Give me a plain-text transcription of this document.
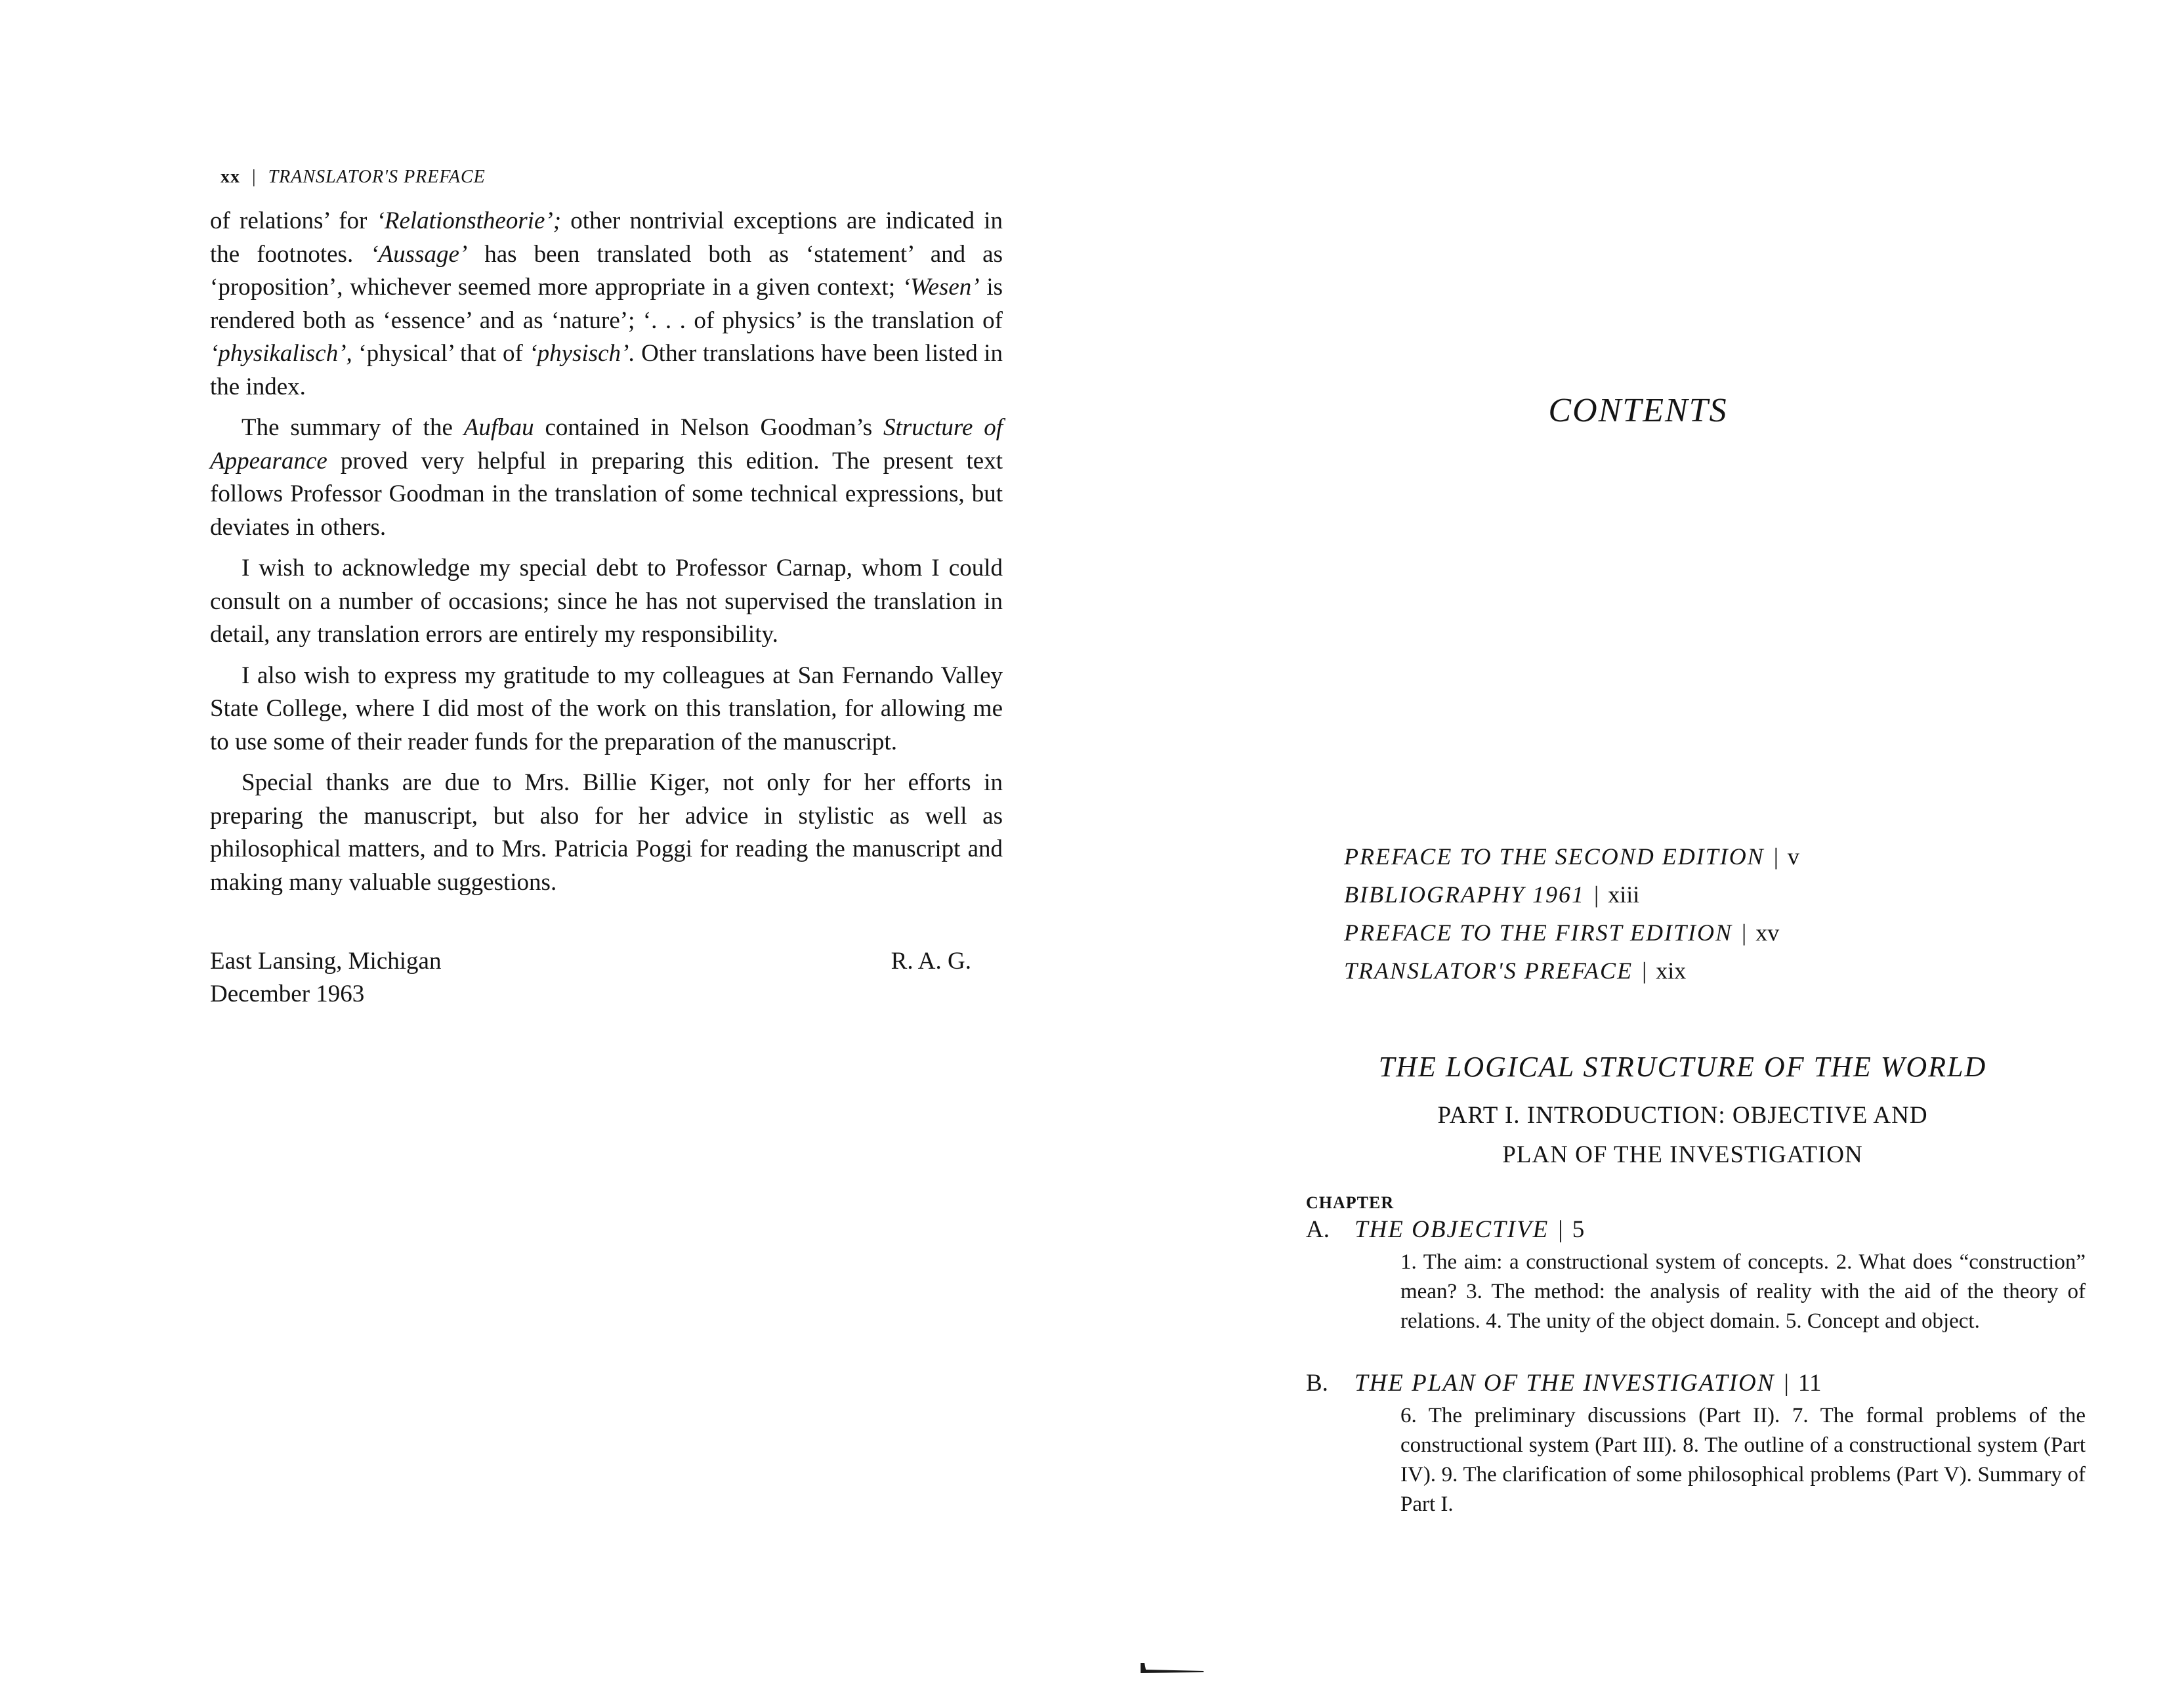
xx | TRANSLATOR'S PREFACE

of relations’ for ‘Relationstheorie’; other nontrivial exceptions are indicated in the footnotes. ‘Aussage’ has been translated both as ‘statement’ and as ‘proposition’, whichever seemed more appropriate in a given context; ‘Wesen’ is rendered both as ‘essence’ and as ‘nature’; ‘. . . of physics’ is the translation of ‘physikalisch’, ‘physical’ that of ‘physisch’. Other translations have been listed in the index.

The summary of the Aufbau contained in Nelson Goodman’s Structure of Appearance proved very helpful in preparing this edition. The present text follows Professor Goodman in the translation of some technical expressions, but deviates in others.

I wish to acknowledge my special debt to Professor Carnap, whom I could consult on a number of occasions; since he has not supervised the translation in detail, any translation errors are entirely my responsibility.

I also wish to express my gratitude to my colleagues at San Fernando Valley State College, where I did most of the work on this translation, for allowing me to use some of their reader funds for the preparation of the manuscript.

Special thanks are due to Mrs. Billie Kiger, not only for her efforts in preparing the manuscript, but also for her advice in stylistic as well as philosophical matters, and to Mrs. Patricia Poggi for reading the manuscript and making many valuable suggestions.

East Lansing, Michigan
December 1963
R. A. G.
CONTENTS
PREFACE TO THE SECOND EDITION | v
BIBLIOGRAPHY 1961 | xiii
PREFACE TO THE FIRST EDITION | xv
TRANSLATOR'S PREFACE | xix
THE LOGICAL STRUCTURE OF THE WORLD
PART I. INTRODUCTION: OBJECTIVE AND
PLAN OF THE INVESTIGATION
CHAPTER
A. THE OBJECTIVE | 5
1. The aim: a constructional system of concepts. 2. What does “construction” mean? 3. The method: the analysis of reality with the aid of the theory of relations. 4. The unity of the object domain. 5. Concept and object.
B. THE PLAN OF THE INVESTIGATION | 11
6. The preliminary discussions (Part II). 7. The formal problems of the constructional system (Part III). 8. The outline of a constructional system (Part IV). 9. The clarification of some philosophical problems (Part V). Summary of Part I.
